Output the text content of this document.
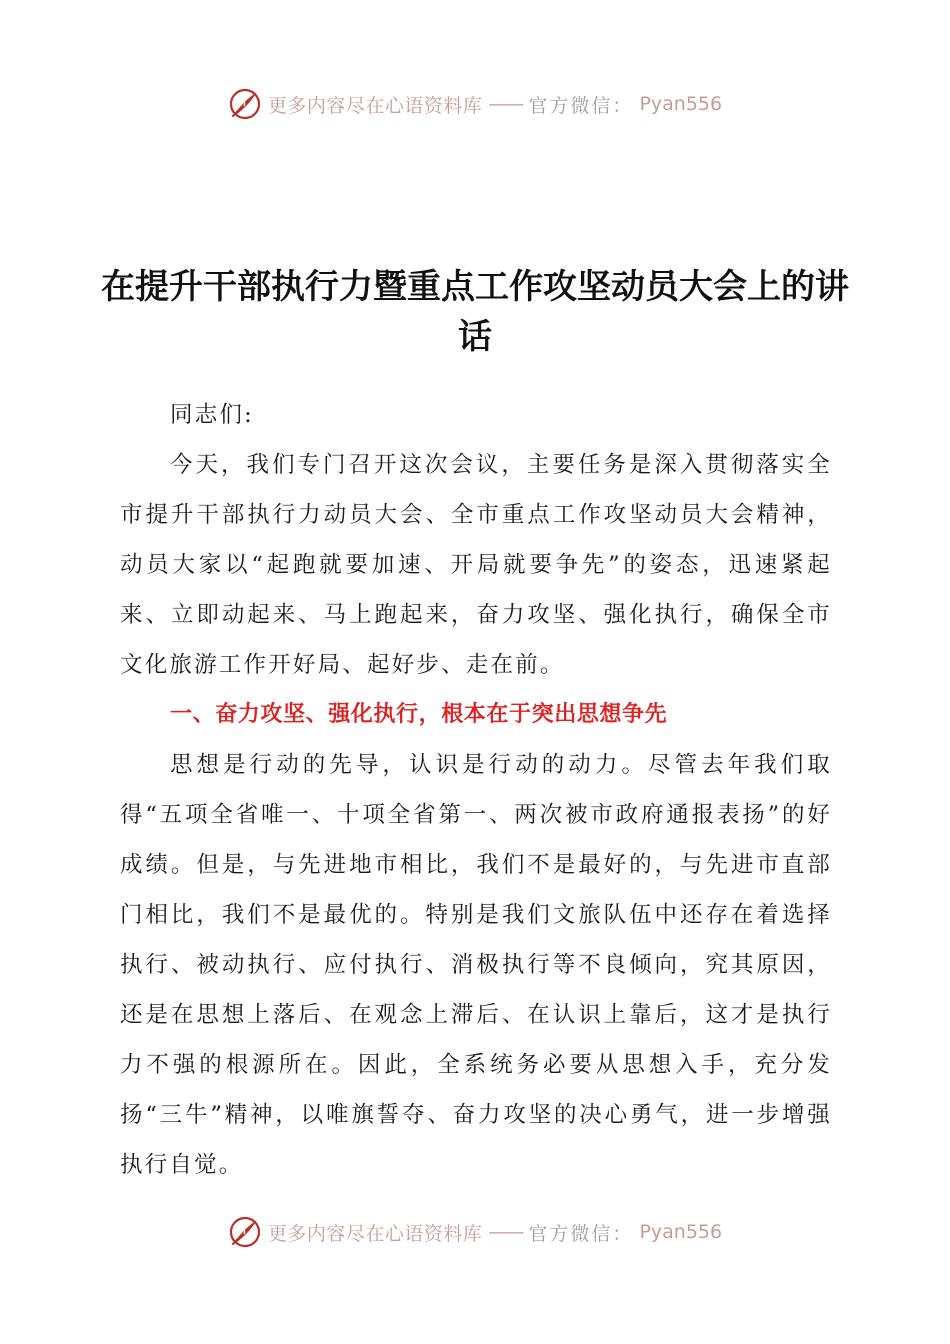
更多内容尽在心语资料库 —— 官方微信： Pyan556
在提升干部执行力暨重点工作攻坚动员大会上的讲话

同志们:

今天，我们专门召开这次会议，主要任务是深入贯彻落实全市提升干部执行力动员大会、全市重点工作攻坚动员大会精神，动员大家以“起跑就要加速、开局就要争先”的姿态，迅速紧起来、立即动起来、马上跑起来，奋力攻坚、强化执行，确保全市文化旅游工作开好局、起好步、走在前。

一、奋力攻坚、强化执行，根本在于突出思想争先

思想是行动的先导，认识是行动的动力。尽管去年我们取得“五项全省唯一、十项全省第一、两次被市政府通报表扬”的好成绩。但是，与先进地市相比，我们不是最好的，与先进市直部门相比，我们不是最优的。特别是我们文旅队伍中还存在着选择执行、被动执行、应付执行、消极执行等不良倾向，究其原因，还是在思想上落后、在观念上滞后、在认识上靠后，这才是执行力不强的根源所在。因此，全系统务必要从思想入手，充分发扬“三牛”精神，以唯旗誓夺、奋力攻坚的决心勇气，进一步增强执行自觉。

更多内容尽在心语资料库 —— 官方微信： Pyan556
